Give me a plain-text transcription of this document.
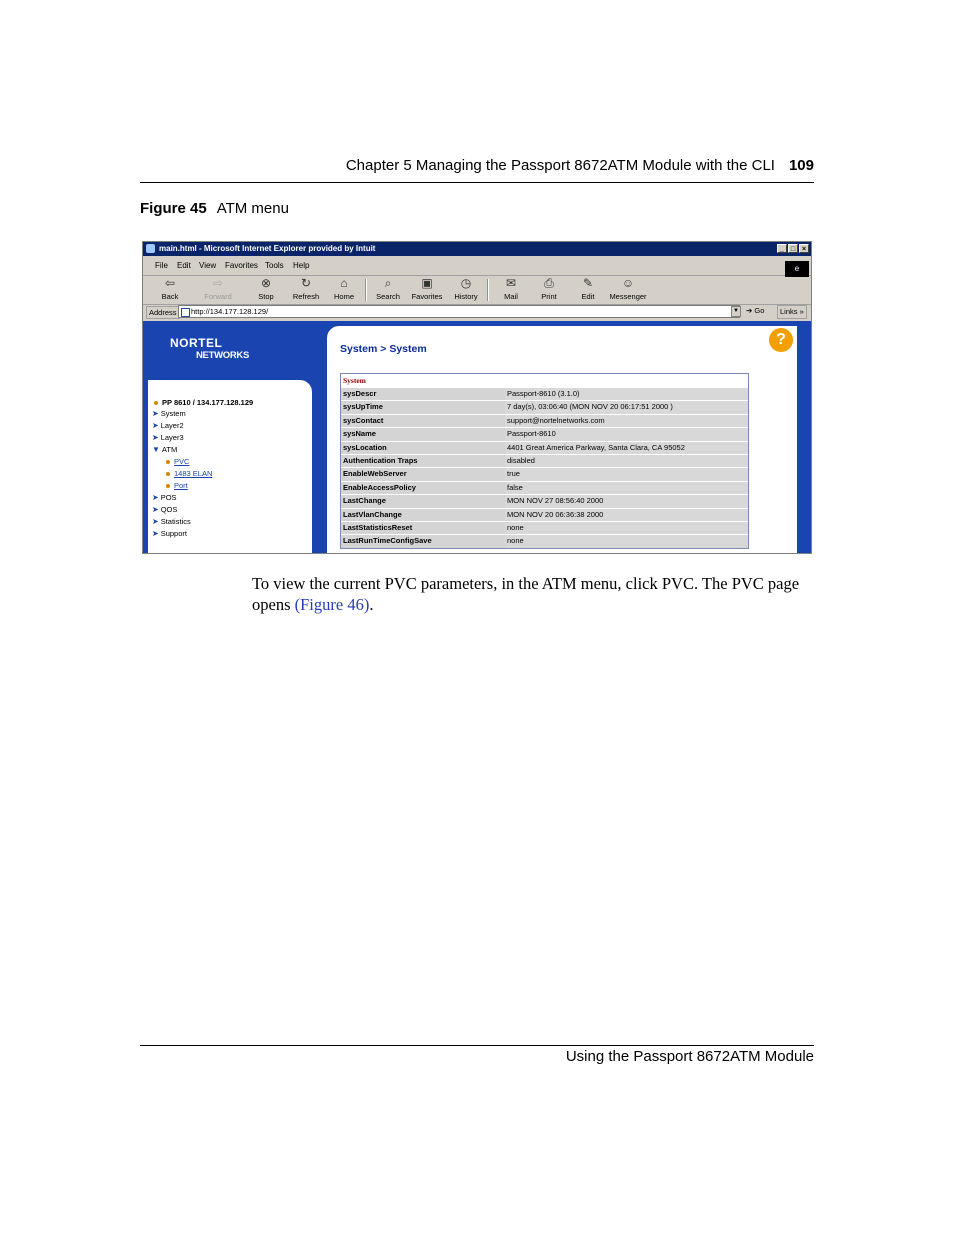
Chapter 5 Managing the Passport 8672ATM Module with the CLI 109
Figure 45 ATM menu
main.html - Microsoft Internet Explorer provided by Intuit	_ □ ×
File Edit View Favorites Tools Help	e
⇦
Back
⇨
Forward
⊗
Stop
↻
Refresh
⌂
Home
⌕
Search
▣
Favorites
◷
History
✉
Mail
⎙
Print
✎
Edit
☺
Messenger
Address	http://134.177.128.129/	▼ ➔ Go	Links »
NORTEL
NETWORKS
PP 8610 / 134.177.128.129
➤ System
➤ Layer2
➤ Layer3
▼ ATM
PVC
1483 ELAN
Port
➤ POS
➤ QOS
➤ Statistics
➤ Support
System > System
System
sysDescr	Passport-8610 (3.1.0)
sysUpTime	7 day(s), 03:06:40 (MON NOV 20 06:17:51 2000 )
sysContact	support@nortelnetworks.com
sysName	Passport-8610
sysLocation	4401 Great America Parkway, Santa Clara, CA 95052
Authentication Traps	disabled
EnableWebServer	true
EnableAccessPolicy	false
LastChange	MON NOV 27 08:56:40 2000
LastVlanChange	MON NOV 20 06:36:38 2000
LastStatisticsReset	none
LastRunTimeConfigSave	none
?
To view the current PVC parameters, in the ATM menu, click PVC. The PVC page opens (Figure 46).
Using the Passport 8672ATM Module
